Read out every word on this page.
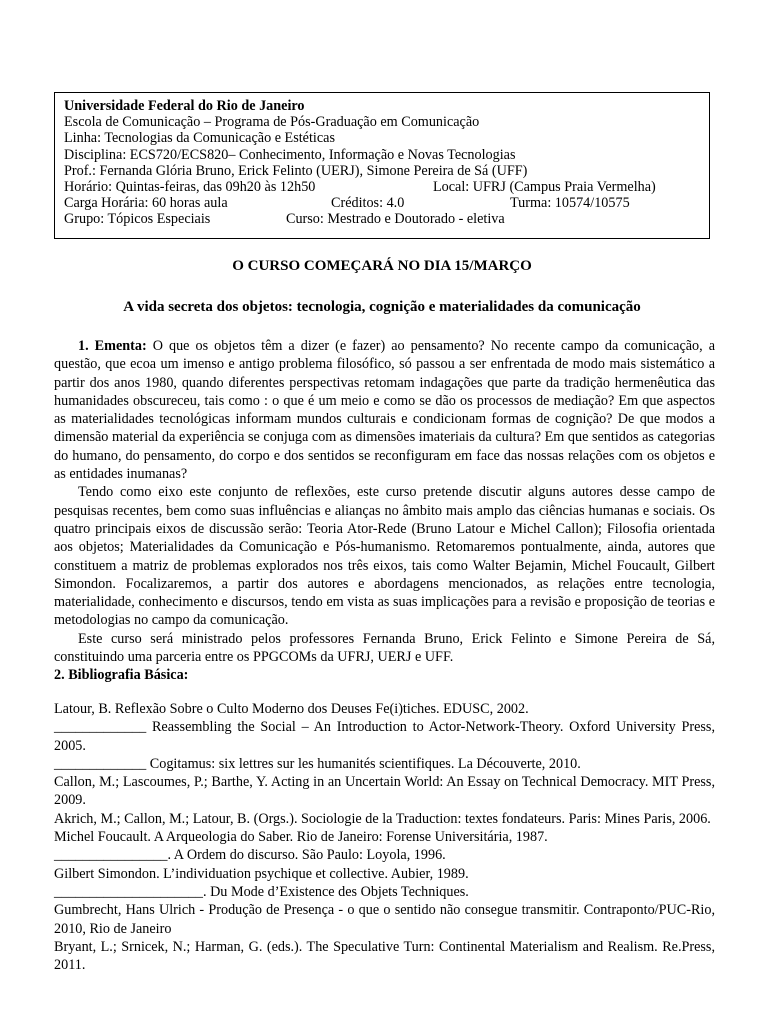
Universidade Federal do Rio de Janeiro
Escola de Comunicação – Programa de Pós-Graduação em Comunicação
Linha: Tecnologias da Comunicação e Estéticas
Disciplina: ECS720/ECS820– Conhecimento, Informação e Novas Tecnologias
Prof.: Fernanda Glória Bruno, Erick Felinto (UERJ), Simone Pereira de Sá (UFF)
Horário: Quintas-feiras, das 09h20 às 12h50	Local: UFRJ (Campus Praia Vermelha)
Carga Horária: 60 horas aula	Créditos: 4.0	Turma: 10574/10575
Grupo: Tópicos Especiais	Curso: Mestrado e Doutorado - eletiva
O CURSO COMEÇARÁ NO DIA 15/MARÇO
A vida secreta dos objetos: tecnologia, cognição e materialidades da comunicação

1. Ementa: O que os objetos têm a dizer (e fazer) ao pensamento? No recente campo da comunicação, a questão, que ecoa um imenso e antigo problema filosófico, só passou a ser enfrentada de modo mais sistemático a partir dos anos 1980, quando diferentes perspectivas retomam indagações que parte da tradição hermenêutica das humanidades obscureceu, tais como : o que é um meio e como se dão os processos de mediação? Em que aspectos as materialidades tecnológicas informam mundos culturais e condicionam formas de cognição? De que modos a dimensão material da experiência se conjuga com as dimensões imateriais da cultura? Em que sentidos as categorias do humano, do pensamento, do corpo e dos sentidos se reconfiguram em face das nossas relações com os objetos e as entidades inumanas?

Tendo como eixo este conjunto de reflexões, este curso pretende discutir alguns autores desse campo de pesquisas recentes, bem como suas influências e alianças no âmbito mais amplo das ciências humanas e sociais. Os quatro principais eixos de discussão serão: Teoria Ator-Rede (Bruno Latour e Michel Callon); Filosofia orientada aos objetos; Materialidades da Comunicação e Pós-humanismo. Retomaremos pontualmente, ainda, autores que constituem a matriz de problemas explorados nos três eixos, tais como Walter Bejamin, Michel Foucault, Gilbert Simondon. Focalizaremos, a partir dos autores e abordagens mencionados, as relações entre tecnologia, materialidade, conhecimento e discursos, tendo em vista as suas implicações para a revisão e proposição de teorias e metodologias no campo da comunicação.

Este curso será ministrado pelos professores Fernanda Bruno, Erick Felinto e Simone Pereira de Sá, constituindo uma parceria entre os PPGCOMs da UFRJ, UERJ e UFF.

2. Bibliografia Básica:
Latour, B. Reflexão Sobre o Culto Moderno dos Deuses Fe(i)tiches. EDUSC, 2002.
_____________ Reassembling the Social – An Introduction to Actor-Network-Theory. Oxford University Press, 2005.
_____________ Cogitamus: six lettres sur les humanités scientifiques. La Découverte, 2010.
Callon, M.; Lascoumes, P.; Barthe, Y. Acting in an Uncertain World: An Essay on Technical Democracy. MIT Press, 2009.
Akrich, M.; Callon, M.; Latour, B. (Orgs.). Sociologie de la Traduction: textes fondateurs. Paris: Mines Paris, 2006.
Michel Foucault. A Arqueologia do Saber. Rio de Janeiro: Forense Universitária, 1987.
________________. A Ordem do discurso. São Paulo: Loyola, 1996.
Gilbert Simondon. L’individuation psychique et collective. Aubier, 1989.
_____________________. Du Mode d’Existence des Objets Techniques.
Gumbrecht, Hans Ulrich - Produção de Presença - o que o sentido não consegue transmitir. Contraponto/PUC-Rio, 2010, Rio de Janeiro
Bryant, L.; Srnicek, N.; Harman, G. (eds.). The Speculative Turn: Continental Materialism and Realism. Re.Press, 2011.
